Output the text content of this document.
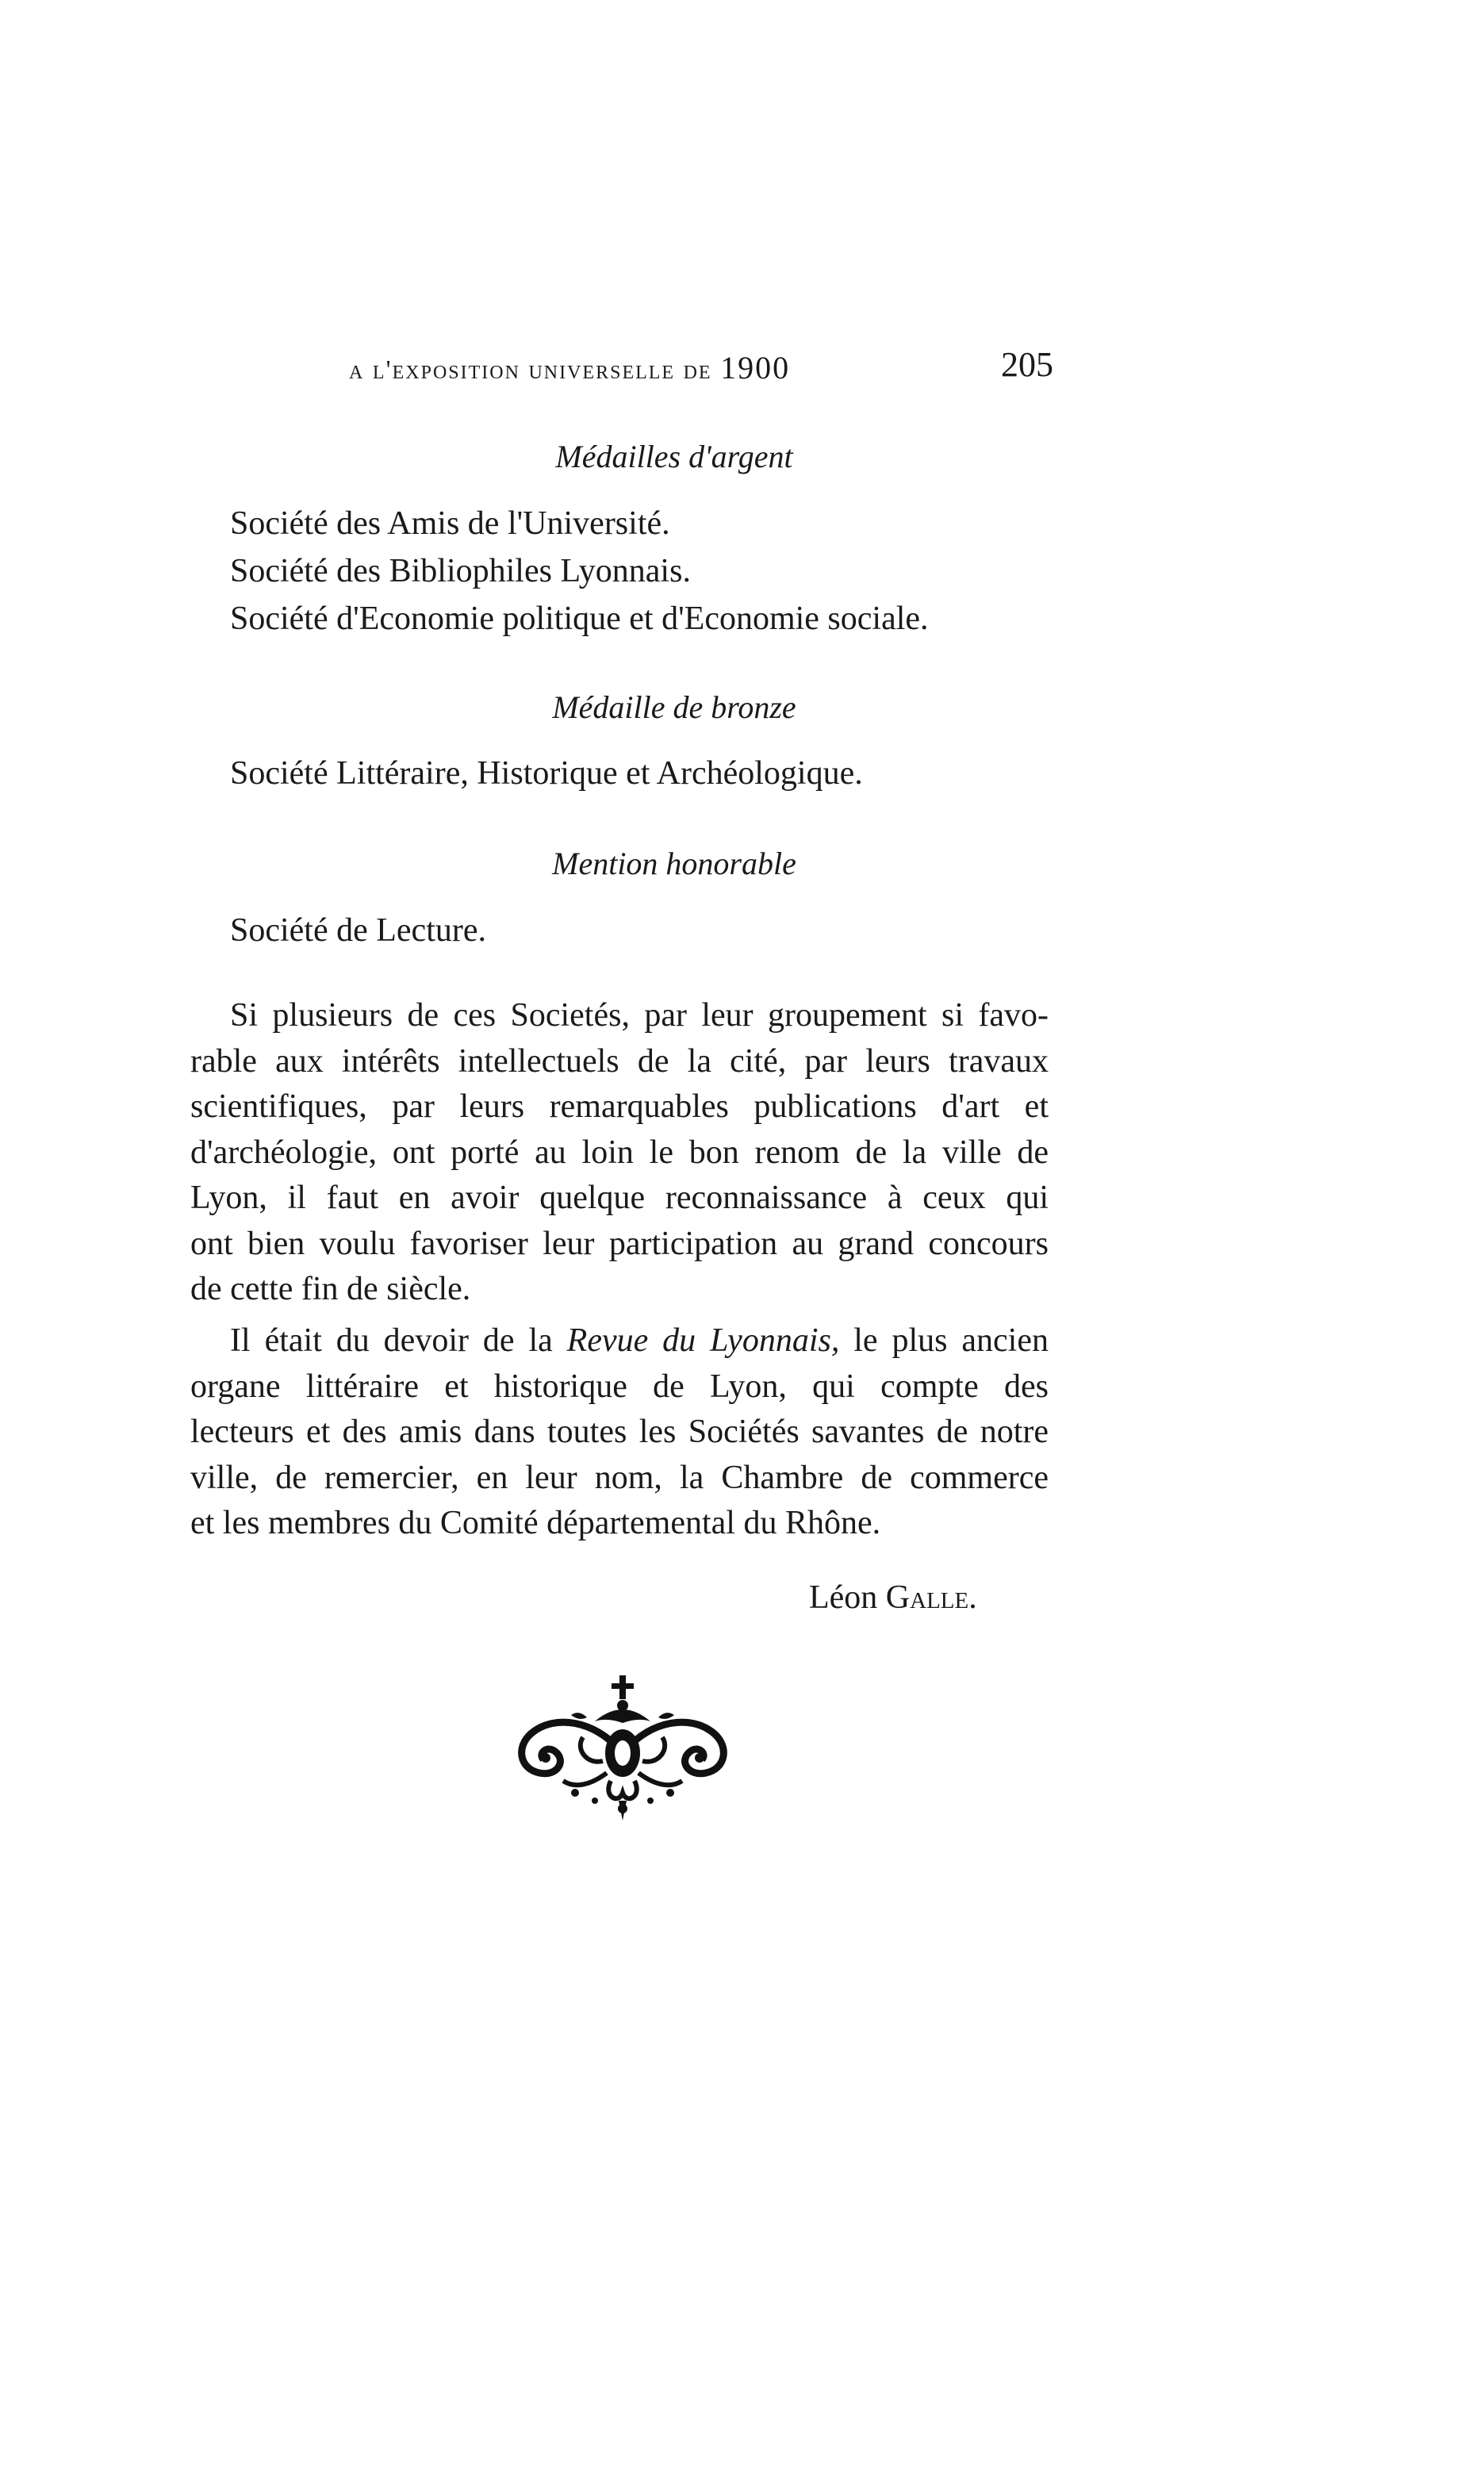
a l'exposition universelle de 1900	205
Médailles d'argent
Société des Amis de l'Université.
Société des Bibliophiles Lyonnais.
Société d'Economie politique et d'Economie sociale.
Médaille de bronze
Société Littéraire, Historique et Archéologique.
Mention honorable
Société de Lecture.
Si plusieurs de ces Societés, par leur groupement si favo-
rable aux intérêts intellectuels de la cité, par leurs travaux
scientifiques, par leurs remarquables publications d'art et
d'archéologie, ont porté au loin le bon renom de la ville de
Lyon, il faut en avoir quelque reconnaissance à ceux qui
ont bien voulu favoriser leur participation au grand concours
de cette fin de siècle.
Il était du devoir de la Revue du Lyonnais, le plus ancien
organe littéraire et historique de Lyon, qui compte des
lecteurs et des amis dans toutes les Sociétés savantes de notre
ville, de remercier, en leur nom, la Chambre de commerce
et les membres du Comité départemental du Rhône.
Léon Galle.
